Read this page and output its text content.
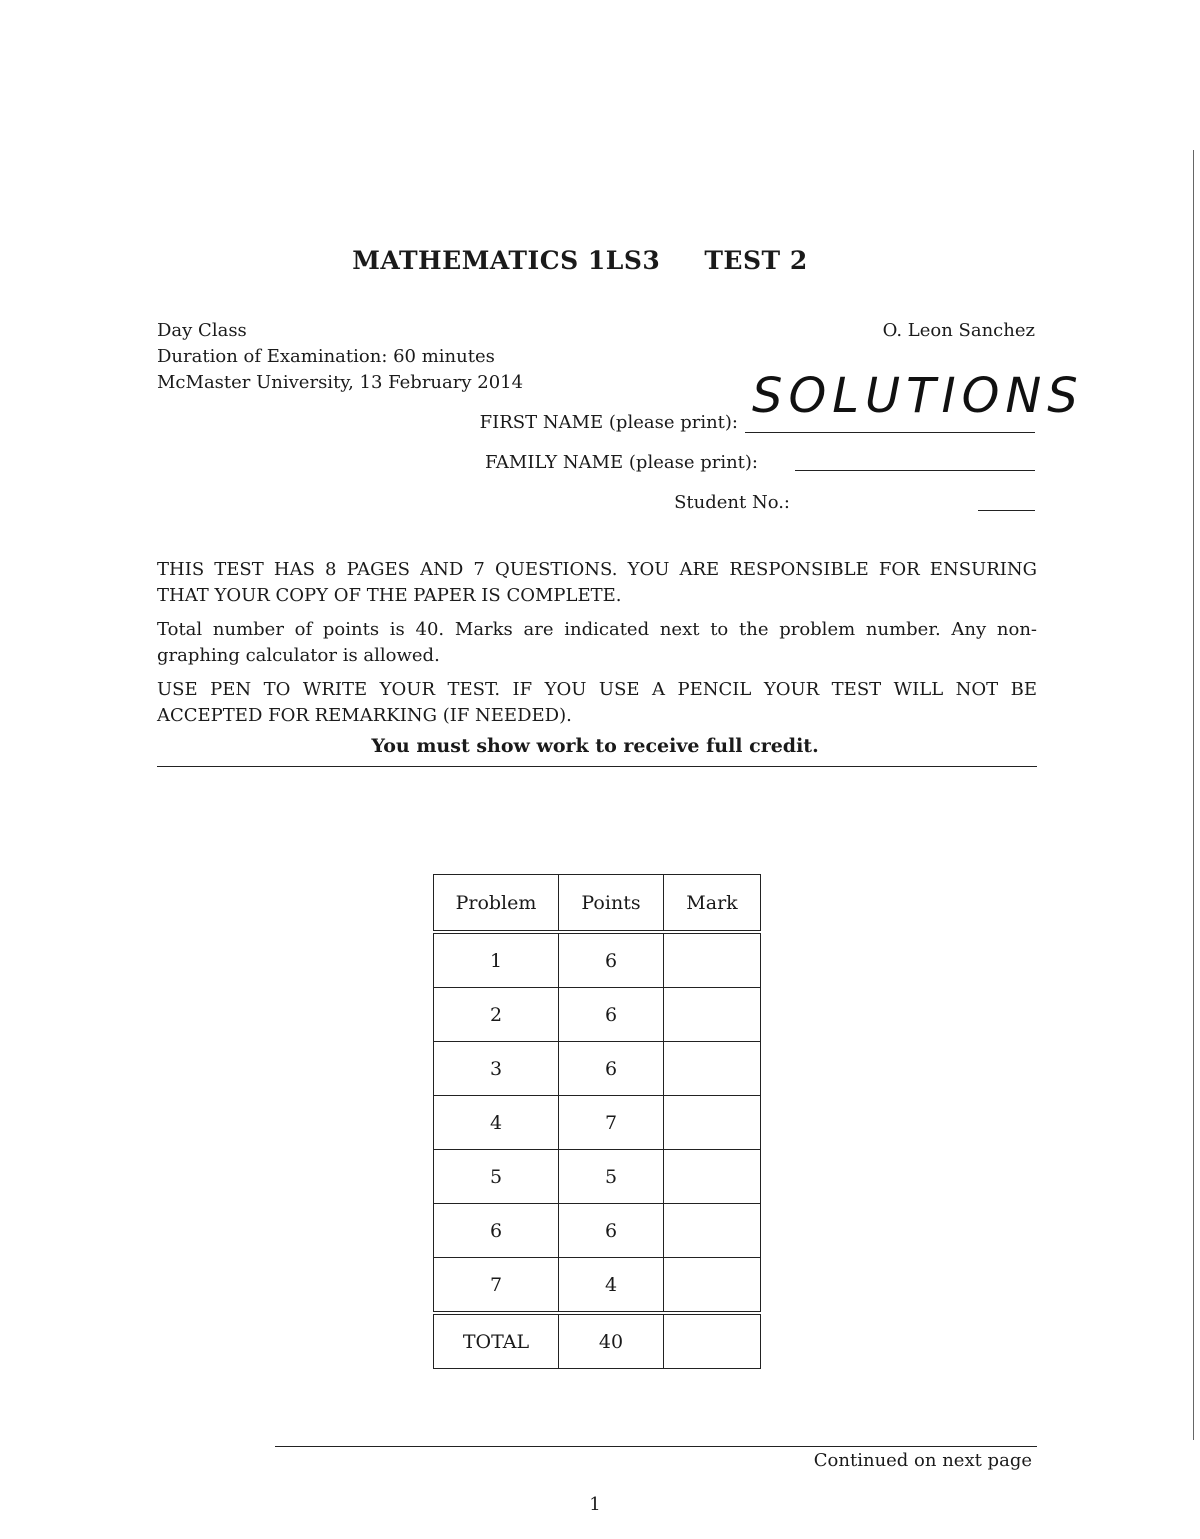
MATHEMATICS 1LS3 TEST 2
Day Class
Duration of Examination: 60 minutes
McMaster University, 13 February 2014
O. Leon Sanchez
FIRST NAME (please print): SOLUTIONS
FAMILY NAME (please print):
Student No.:
THIS TEST HAS 8 PAGES AND 7 QUESTIONS. YOU ARE RESPONSIBLE FOR ENSURING THAT YOUR COPY OF THE PAPER IS COMPLETE.
Total number of points is 40. Marks are indicated next to the problem number. Any non-graphing calculator is allowed.
USE PEN TO WRITE YOUR TEST. IF YOU USE A PENCIL YOUR TEST WILL NOT BE ACCEPTED FOR REMARKING (IF NEEDED).
You must show work to receive full credit.
Problem	Points	Mark
1	6	
2	6	
3	6	
4	7	
5	5	
6	6	
7	4	
TOTAL	40	
Continued on next page
1
